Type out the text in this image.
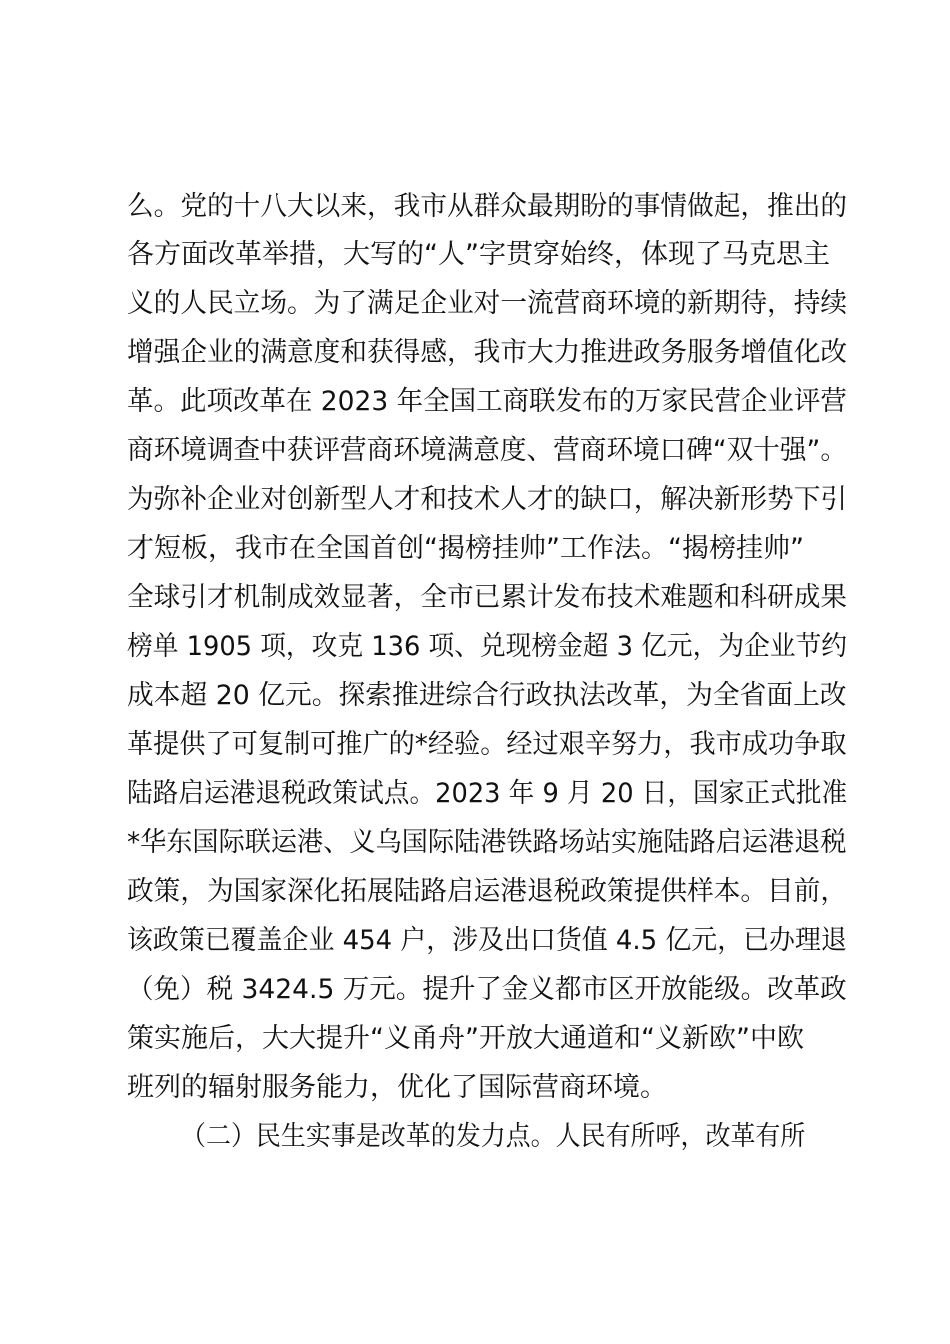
么。党的十八大以来，我市从群众最期盼的事情做起，推出的
各方面改革举措，大写的“人”字贯穿始终，体现了马克思主
义的人民立场。为了满足企业对一流营商环境的新期待，持续
增强企业的满意度和获得感，我市大力推进政务服务增值化改
革。此项改革在 2023 年全国工商联发布的万家民营企业评营
商环境调查中获评营商环境满意度、营商环境口碑“双十强”。
为弥补企业对创新型人才和技术人才的缺口，解决新形势下引
才短板，我市在全国首创“揭榜挂帅”工作法。“揭榜挂帅”
全球引才机制成效显著，全市已累计发布技术难题和科研成果
榜单 1905 项，攻克 136 项、兑现榜金超 3 亿元，为企业节约
成本超 20 亿元。探索推进综合行政执法改革，为全省面上改
革提供了可复制可推广的*经验。经过艰辛努力，我市成功争取
陆路启运港退税政策试点。2023 年 9 月 20 日，国家正式批准
*华东国际联运港、义乌国际陆港铁路场站实施陆路启运港退税
政策，为国家深化拓展陆路启运港退税政策提供样本。目前，
该政策已覆盖企业 454 户，涉及出口货值 4.5 亿元，已办理退
（免）税 3424.5 万元。提升了金义都市区开放能级。改革政
策实施后，大大提升“义甬舟”开放大通道和“义新欧”中欧
班列的辐射服务能力，优化了国际营商环境。
（二）民生实事是改革的发力点。人民有所呼，改革有所
